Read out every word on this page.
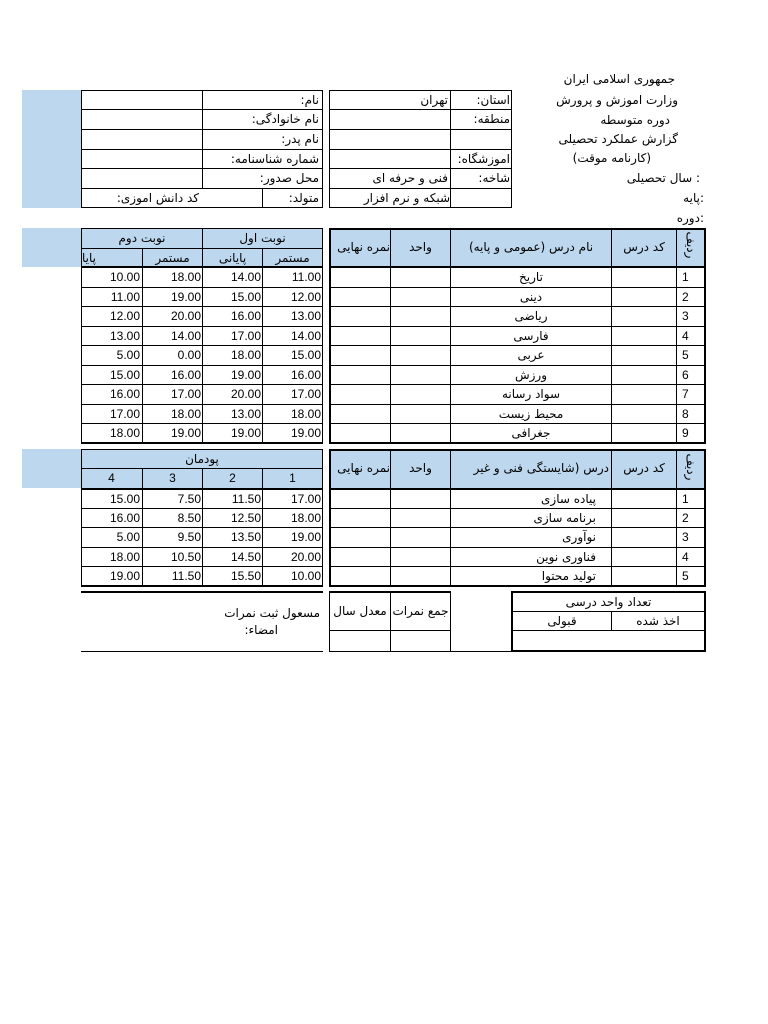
جمهوری اسلامی ایران
وزارت اموزش و پرورش
دوره متوسطه
گزارش عملکرد تحصیلی
(کارنامه موقت)
سال تحصیلی :
پایه:
دوره:
:نام
:نام خانوادگی
:نام پدر
:شماره شناسنامه
:محل صدور
:متولد
:کد دانش اموزی
:استان
تهران
:منطقه
:اموزشگاه
:شاخه
فنی و حرفه ای
شبکه و نرم افزار
ردیف
کد درس
نام درس (عمومی و پایه)
واحد
نمره نهایی
نوبت اول
نوبت دوم
مستمر
پایانی
مستمر
پایا
1
تاریخ
11.00
14.00
18.00
10.00
2
دینی
12.00
15.00
19.00
11.00
3
ریاضی
13.00
16.00
20.00
12.00
4
فارسی
14.00
17.00
14.00
13.00
5
عربی
15.00
18.00
0.00
5.00
6
ورزش
16.00
19.00
16.00
15.00
7
سواد رسانه
17.00
20.00
17.00
16.00
8
محیط زیست
18.00
13.00
18.00
17.00
9
جغرافی
19.00
19.00
19.00
18.00
ردیف
کد درس
درس (شایستگی فنی و غیر
واحد
نمره نهایی
پودمان
1
2
3
4
1
پیاده سازی
17.00
11.50
7.50
15.00
2
برنامه سازی
18.00
12.50
8.50
16.00
3
نوآوری
19.00
13.50
9.50
5.00
4
فناوری نوین
20.00
14.50
10.50
18.00
5
تولید محتوا
10.00
15.50
11.50
19.00
مسعول ثبت نمرات
:امضاء
معدل سال جمع نمرات
تعداد واحد درسی
اخذ شده
قبولی
